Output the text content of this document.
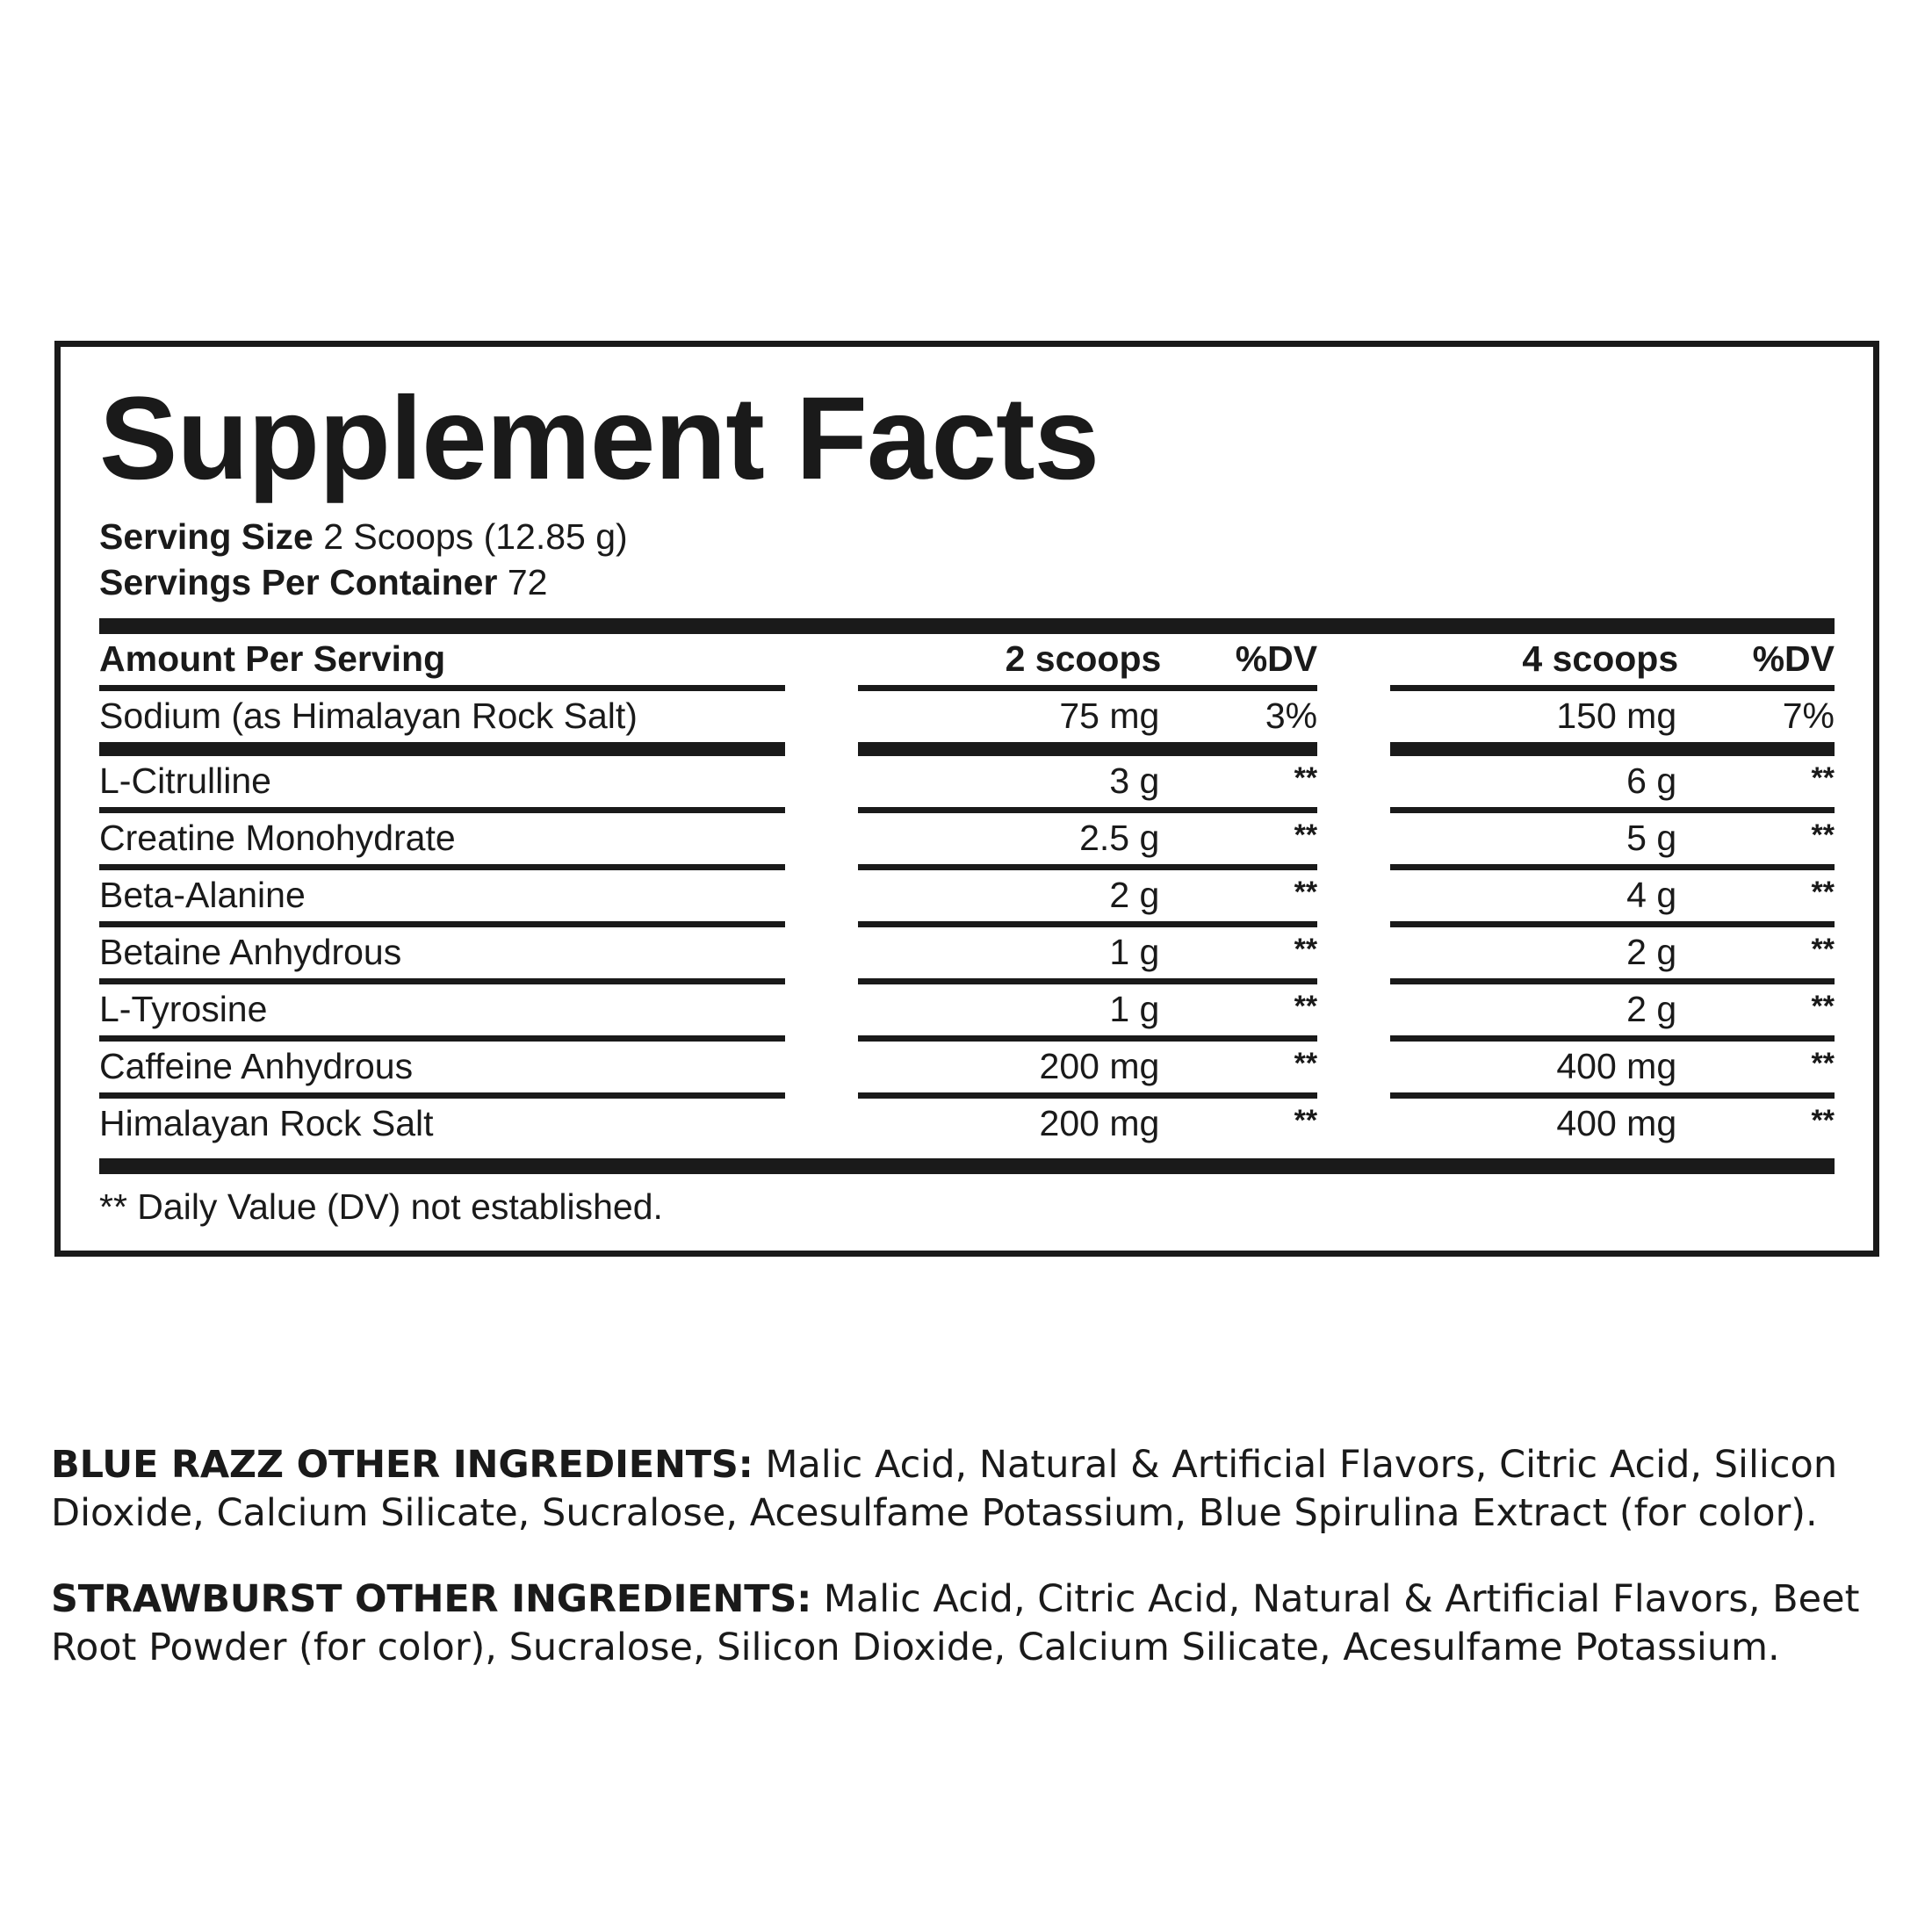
Supplement Facts
Serving Size 2 Scoops (12.85 g)
Servings Per Container 72
Amount Per Serving		2 scoops	%DV		4 scoops	%DV

Sodium (as Himalayan Rock Salt)		75 mg	3%		150 mg	7%

L-Citrulline		3 g	**		6 g	**

Creatine Monohydrate		2.5 g	**		5 g	**

Beta-Alanine		2 g	**		4 g	**

Betaine Anhydrous		1 g	**		2 g	**

L-Tyrosine		1 g	**		2 g	**

Caffeine Anhydrous		200 mg	**		400 mg	**

Himalayan Rock Salt		200 mg	**		400 mg	**
** Daily Value (DV) not established.

BLUE RAZZ OTHER INGREDIENTS: Malic Acid, Natural & Artificial Flavors, Citric Acid, Silicon Dioxide, Calcium Silicate, Sucralose, Acesulfame Potassium, Blue Spirulina Extract (for color).

STRAWBURST OTHER INGREDIENTS: Malic Acid, Citric Acid, Natural & Artificial Flavors, Beet Root Powder (for color), Sucralose, Silicon Dioxide, Calcium Silicate, Acesulfame Potassium.
